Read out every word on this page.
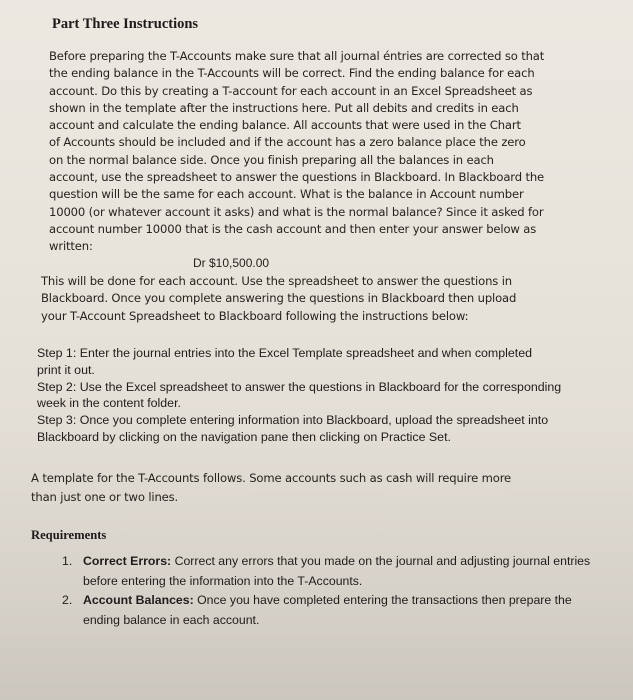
Part Three Instructions

Before preparing the T-Accounts make sure that all journal éntries are corrected so that

the ending balance in the T-Accounts will be correct. Find the ending balance for each

account. Do this by creating a T-account for each account in an Excel Spreadsheet as

shown in the template after the instructions here. Put all debits and credits in each

account and calculate the ending balance. All accounts that were used in the Chart

of Accounts should be included and if the account has a zero balance place the zero

on the normal balance side. Once you finish preparing all the balances in each

account, use the spreadsheet to answer the questions in Blackboard. In Blackboard the

question will be the same for each account. What is the balance in Account number

10000 (or whatever account it asks) and what is the normal balance? Since it asked for

account number 10000 that is the cash account and then enter your answer below as

written:

Dr $10,500.00

This will be done for each account. Use the spreadsheet to answer the questions in

Blackboard. Once you complete answering the questions in Blackboard then upload

your T-Account Spreadsheet to Blackboard following the instructions below:

Step 1: Enter the journal entries into the Excel Template spreadsheet and when completed

print it out.

Step 2: Use the Excel spreadsheet to answer the questions in Blackboard for the corresponding

week in the content folder.

Step 3: Once you complete entering information into Blackboard, upload the spreadsheet into

Blackboard by clicking on the navigation pane then clicking on Practice Set.

A template for the T-Accounts follows. Some accounts such as cash will require more

than just one or two lines.

Requirements
1. Correct Errors: Correct any errors that you made on the journal and adjusting journal entries
before entering the information into the T-Accounts.
2. Account Balances: Once you have completed entering the transactions then prepare the
ending balance in each account.
